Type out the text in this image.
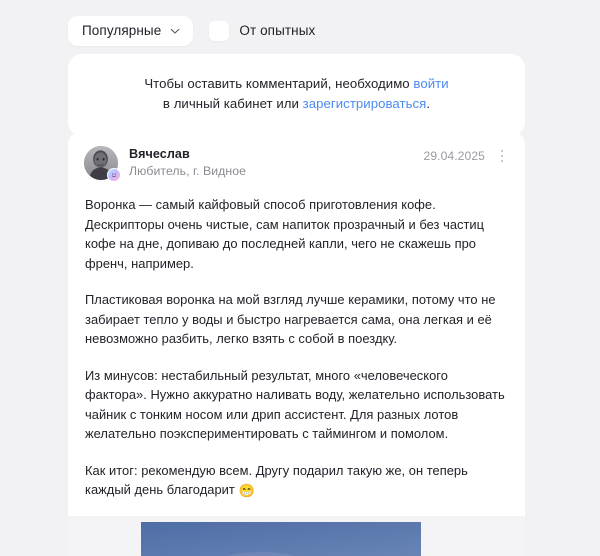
Популярные	От опытных
Чтобы оставить комментарий, необходимо войти
в личный кабинет или зарегистрироваться.
Вячеслав
Любитель, г. Видное
29.04.2025

Воронка — самый кайфовый способ приготовления кофе. Дескрипторы очень чистые, сам напиток прозрачный и без частиц кофе на дне, допиваю до последней капли, чего не скажешь про френч, например.

Пластиковая воронка на мой взгляд лучше керамики, потому что не забирает тепло у воды и быстро нагревается сама, она легкая и её невозможно разбить, легко взять с собой в поездку.

Из минусов: нестабильный результат, много «человеческого фактора». Нужно аккуратно наливать воду, желательно использовать чайник с тонким носом или дрип ассистент. Для разных лотов желательно поэкспериментировать с таймингом и помолом.

Как итог: рекомендую всем. Другу подарил такую же, он теперь каждый день благодарит 😁
